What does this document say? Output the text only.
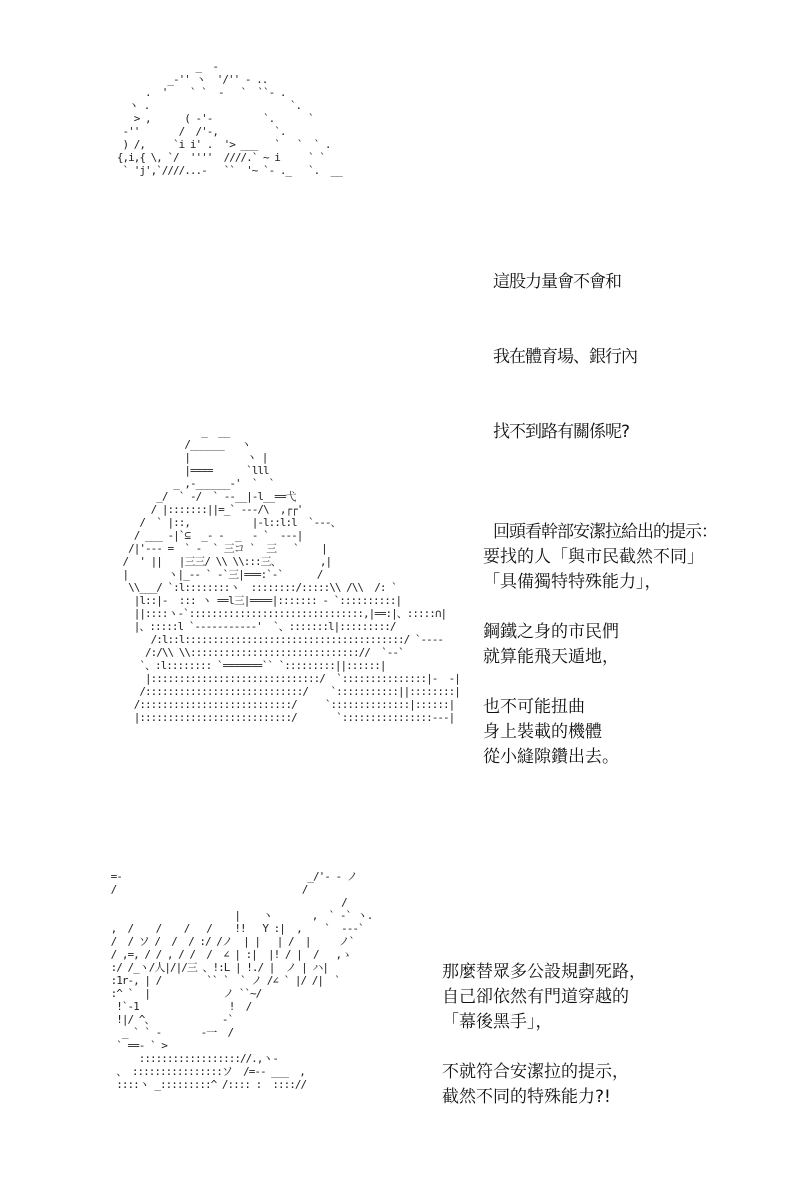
_  -
_-'' ヽ  '/'' - ..
.  '    ` `  -   `  ``- .
ヽ .                         `.
> ,      ( -'-         `.      `
-''       /  /'-,          `.
) /,     `i i' .  '> ___   `   `  ` .
{,i,{ \, `/  ''''  ////.` ~ i     ` `
` 'j',`////...-   ``  '~ `- ._   `.  __

這股力量會不會和

我在體育場、銀行內

找不到路有關係呢?

回頭看幹部安潔拉給出的提示：

_  __
/______   ヽ
|          ヽ |
|====      `lll
_ ,-______-'  `  `
_/  ` -/  ` --__|-l__==弋
/ |:::::::||=_` ---/\  ,┌┌'
/  ` |::,           |-l::l:l  `---、
/ ___ -|`⊆  _- -  _  - `  ---|
/|'--- =  ` -  ` 三コ `  三   `    |
/  ' ||   |三三/ \\ \\:::三、       ,|
|       ヽ|_-- ` -`三|===:`-`      /
\\___/ `:l::::::::ヽ  ::::::::/:::::\\ /\\  /: `
|l::|-  ::: ヽ ==l三|====|::::::: - `::::::::::|
||::::ヽ-`:::::::::::::::::::::::::::::::,|==:|、:::::∩|
|、:::::l `-----------'  `、:::::::l|:::::::::/
/:l::l:::::::::::::::::::::::::::::::::::::::/ `----
/:/\\ \\:::::::::::::::::::::::::::::://  `--`
`、:l:::::::: `=======`` `:::::::::||::::::|
|::::::::::::::::::::::::::::::/  `:::::::::::::::|-  -|
/::::::::::::::::::::::::::::/    `:::::::::::||::::::::|
/:::::::::::::::::::::::::::/     `::::::::::::::|::::::|
|:::::::::::::::::::::::::::/       `::::::::::::::::---|

要找的人「與市民截然不同」

「具備獨特特殊能力」，

鋼鐵之身的市民們

就算能飛天遁地，

也不可能扭曲

身上裝載的機體

從小縫隙鑽出去。

=-                                 _/'- - ノ
/                                 /
/
|    ヽ       ,  ` -` ヽ.
,  /    /    /   /    !!   Y :|  ,    `  ---`
/  / ソ /  /  / :/ /ノ  | |   | /  |     ノ`
/ ,=, / / , / /  /  ∠ | :|  |! / |  /   ,ゝ
:/ /_ヽ/人|/|/三 、!:L | !./ |  ノ | ハ|
:1r-, | /        `` `  ` ノ /∠ ` |/ /|  `
:^ `  |             ノ ``~/
!`-1                !  /
!|/ ^、            -`
_ ` ` -       -一  /
` ==- ` >
:::::::::::::::::://.,ヽ-
、 ::::::::::::::::ソ  /=-- ___  ,
::::ヽ _:::::::::^ /:::: :  :::://

那麼替眾多公設規劃死路，

自己卻依然有門道穿越的

「幕後黑手」，

不就符合安潔拉的提示，

截然不同的特殊能力?!
